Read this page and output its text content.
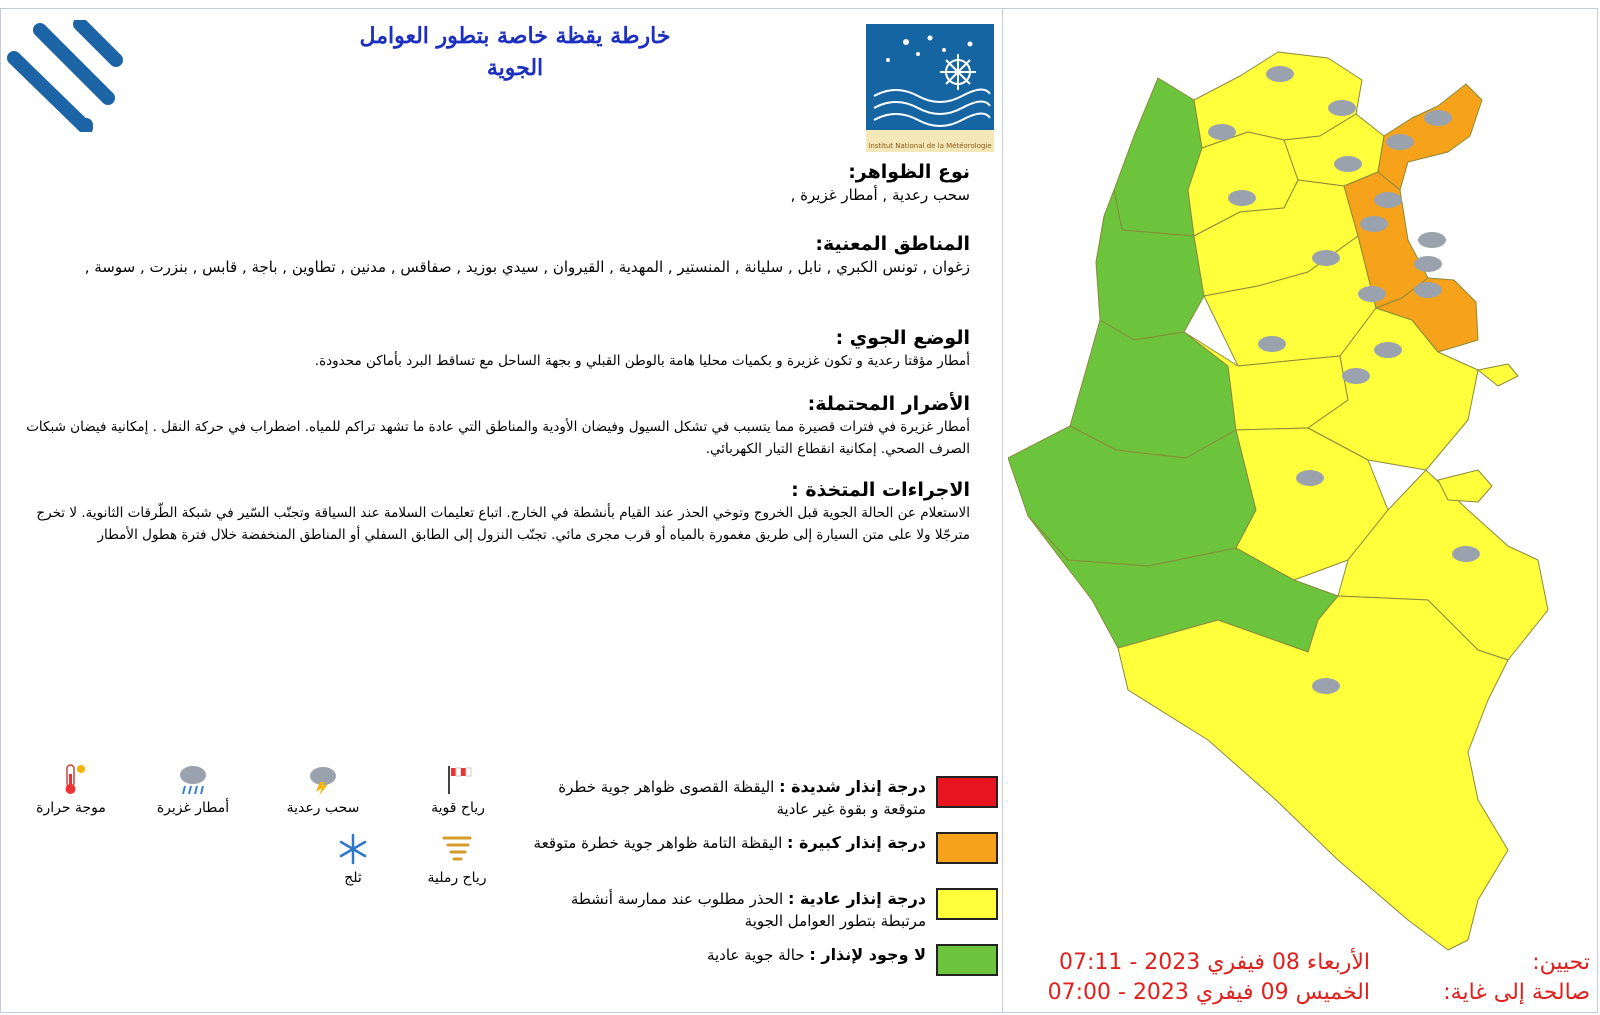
خارطة يقظة خاصة بتطور العوامل
الجوية
Institut National de la Météorologie
نوع الظواهر:
سحب رعدية , أمطار غزيرة ,
المناطق المعنية:
زغوان , تونس الكبري , نابل , سليانة , المنستير , المهدية , القيروان , سيدي بوزيد , صفاقس , مدنين , تطاوين , باجة , قابس , بنزرت , سوسة ,
الوضع الجوي :
أمطار مؤقتا رعدية و تكون غزيرة و بكميات محليا هامة بالوطن القبلي و بجهة الساحل مع تساقط البرد بأماكن محدودة.
الأضرار المحتملة:
أمطار غزيرة في فترات قصيرة مما يتسبب في تشكل السيول وفيضان الأودية والمناطق التي عادة ما تشهد تراكم للمياه. اضطراب في حركة النقل . إمكانية فيضان شبكات الصرف الصحي. إمكانية انقطاع التيار الكهربائي.
الاجراءات المتخذة :
الاستعلام عن الحالة الجوية قبل الخروج وتوخي الحذر عند القيام بأنشطة في الخارج. اتباع تعليمات السلامة عند السياقة وتجنّب السّير في شبكة الطّرقات الثانوية. لا تخرج مترجّلا ولا على متن السيارة إلى طريق مغمورة بالمياه أو قرب مجرى مائي. تجنّب النزول إلى الطابق السفلي أو المناطق المنخفضة خلال فترة هطول الأمطار
درجة إنذار شديدة : اليقظة القصوى ظواهر جوية خطرة متوقعة و بقوة غير عادية
درجة إنذار كبيرة : اليقظة التامة ظواهر جوية خطرة متوقعة
درجة إنذار عادية : الحذر مطلوب عند ممارسة أنشطة مرتبطة بتطور العوامل الجوية
لا وجود لإنذار : حالة جوية عادية
رياح قوية
سحب رعدية
أمطار غزيرة
موجة حرارة
رياح رملية
ثلج
تحيين:
الأربعاء 08 فيفري 2023 - 07:11
صالحة إلى غاية:
الخميس 09 فيفري 2023 - 07:00
